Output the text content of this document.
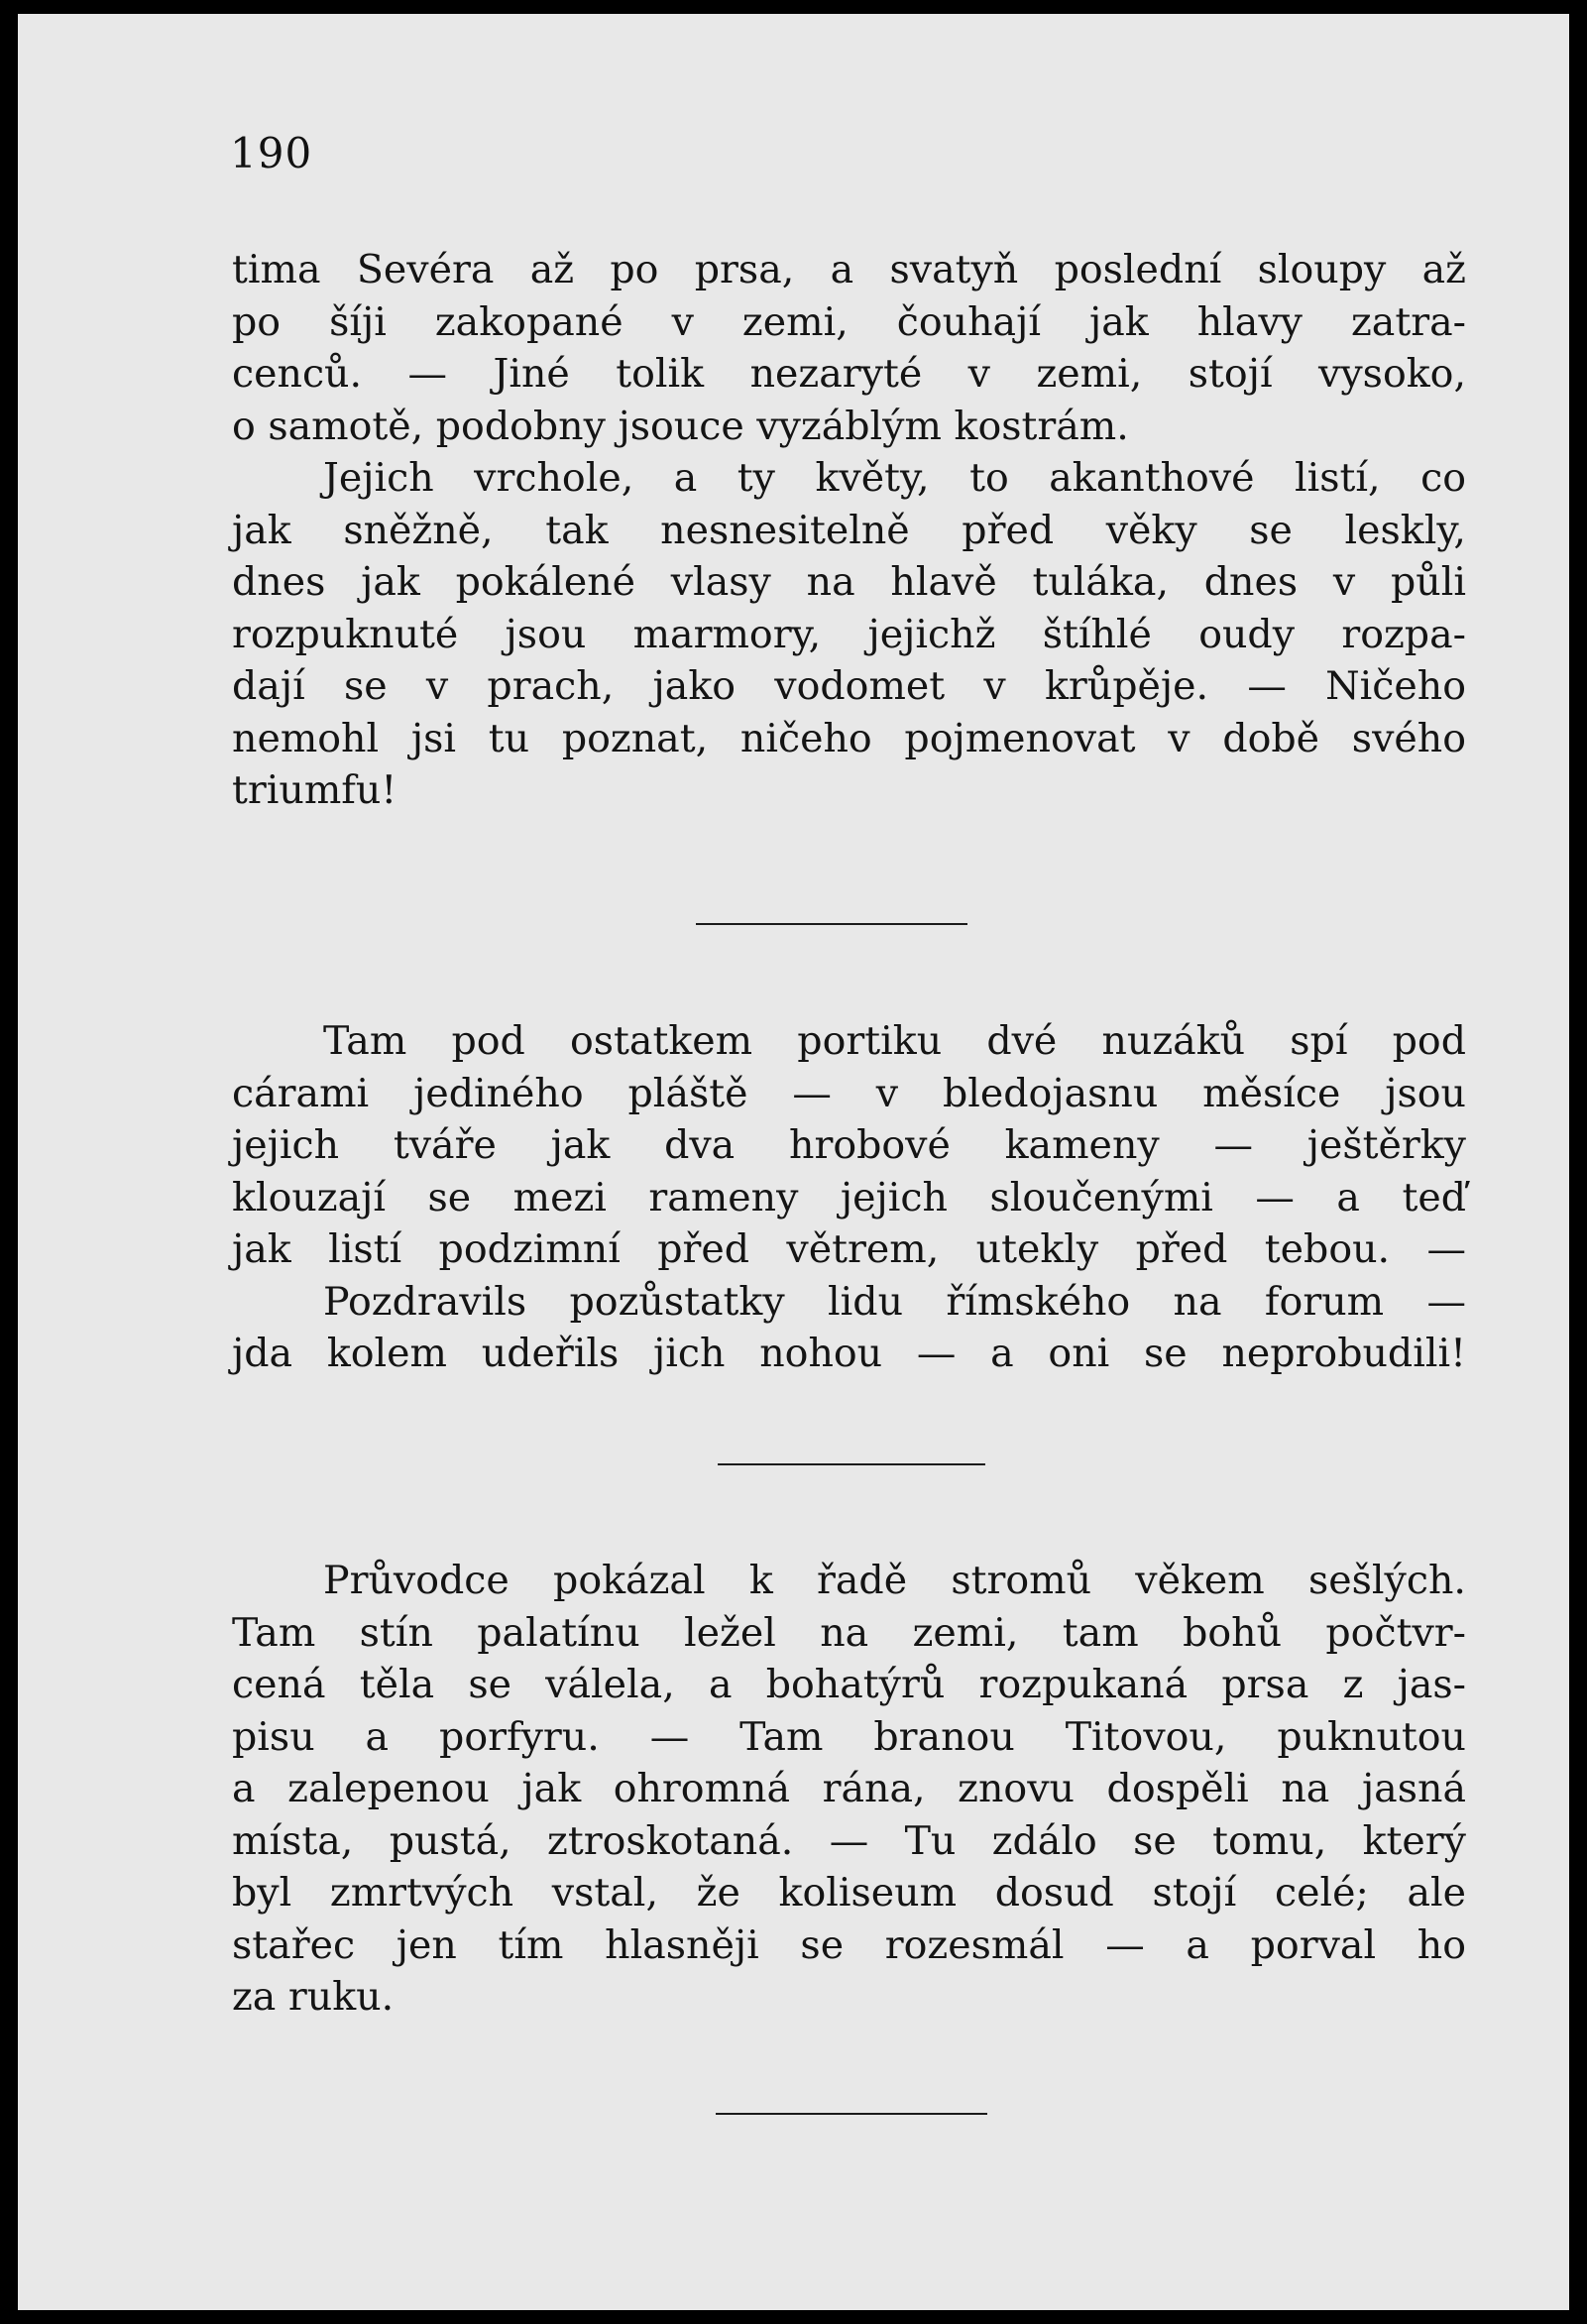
190
tima Sevéra až po prsa, a svatyň poslední sloupy až
po šíji zakopané v zemi, čouhají jak hlavy zatra-
cenců. — Jiné tolik nezaryté v zemi, stojí vysoko,
o samotě, podobny jsouce vyzáblým kostrám.
Jejich vrchole, a ty květy, to akanthové listí, co
jak sněžně, tak nesnesitelně před věky se leskly,
dnes jak pokálené vlasy na hlavě tuláka, dnes v půli
rozpuknuté jsou marmory, jejichž štíhlé oudy rozpa-
dají se v prach, jako vodomet v krůpěje. — Ničeho
nemohl jsi tu poznat, ničeho pojmenovat v době svého
triumfu!
Tam pod ostatkem portiku dvé nuzáků spí pod
cárami jediného pláště — v bledojasnu měsíce jsou
jejich tváře jak dva hrobové kameny — ještěrky
klouzají se mezi rameny jejich sloučenými — a teď
jak listí podzimní před větrem, utekly před tebou. —
Pozdravils pozůstatky lidu římského na forum —
jda kolem udeřils jich nohou — a oni se neprobudili!
Průvodce pokázal k řadě stromů věkem sešlých.
Tam stín palatínu ležel na zemi, tam bohů počtvr-
cená těla se válela, a bohatýrů rozpukaná prsa z jas-
pisu a porfyru. — Tam branou Titovou, puknutou
a zalepenou jak ohromná rána, znovu dospěli na jasná
místa, pustá, ztroskotaná. — Tu zdálo se tomu, který
byl zmrtvých vstal, že koliseum dosud stojí celé; ale
stařec jen tím hlasněji se rozesmál — a porval ho
za ruku.
